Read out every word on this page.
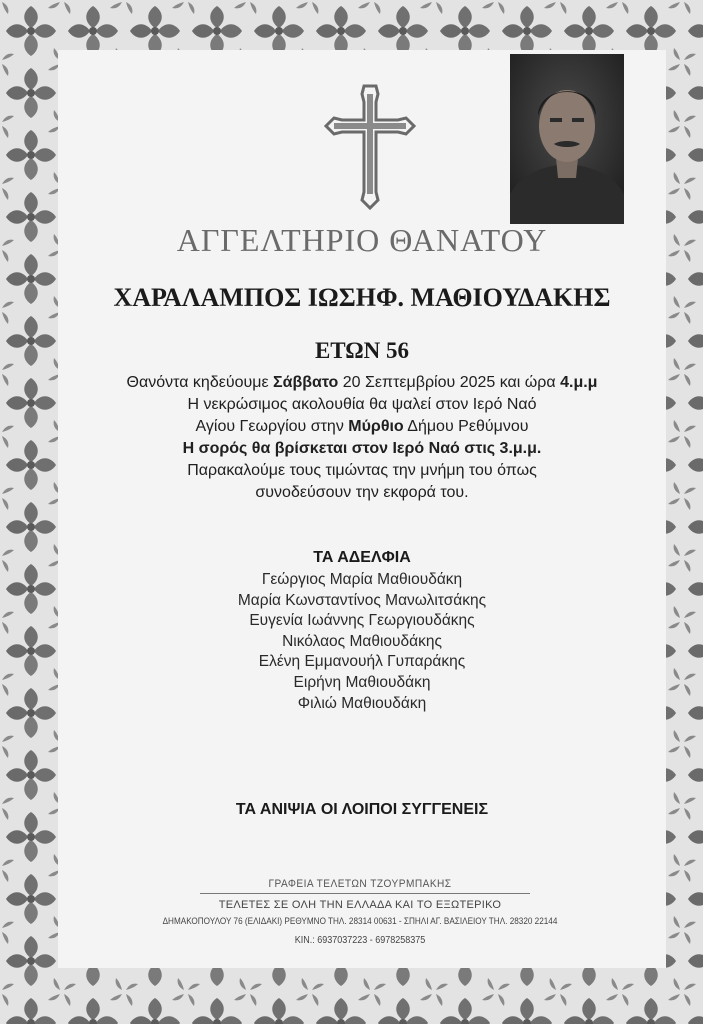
ΑΓΓΕΛΤΗΡΙΟ ΘΑΝΑΤΟΥ
ΧΑΡΑΛΑΜΠΟΣ ΙΩΣΗΦ. ΜΑΘΙΟΥΔΑΚΗΣ
ΕΤΩΝ 56
Θανόντα κηδεύουμε Σάββατο 20 Σεπτεμβρίου 2025 και ώρα 4.μ.μ
Η νεκρώσιμος ακολουθία θα ψαλεί στον Ιερό Ναό
Αγίου Γεωργίου στην Μύρθιο Δήμου Ρεθύμνου
Η σορός θα βρίσκεται στον Ιερό Ναό στις 3.μ.μ.
Παρακαλούμε τους τιμώντας την μνήμη του όπως
συνοδεύσουν την εκφορά του.
ΤΑ ΑΔΕΛΦΙΑ
Γεώργιος Μαρία Μαθιουδάκη
Μαρία Κωνσταντίνος Μανωλιτσάκης
Ευγενία Ιωάννης Γεωργιουδάκης
Νικόλαος Μαθιουδάκης
Ελένη Εμμανουήλ Γυπαράκης
Ειρήνη Μαθιουδάκη
Φιλιώ Μαθιουδάκη
ΤΑ ΑΝΙΨΙΑ ΟΙ ΛΟΙΠΟΙ ΣΥΓΓΕΝΕΙΣ
ΓΡΑΦΕΙΑ ΤΕΛΕΤΩΝ ΤΖΟΥΡΜΠΑΚΗΣ
ΤΕΛΕΤΕΣ ΣΕ ΟΛΗ ΤΗΝ ΕΛΛΑΔΑ ΚΑΙ ΤΟ ΕΞΩΤΕΡΙΚΟ
ΔΗΜΑΚΟΠΟΥΛΟΥ 76 (ΕΛΙΔΑΚΙ) ΡΕΘΥΜΝΟ ΤΗΛ. 28314 00631 - ΣΠΗΛΙ ΑΓ. ΒΑΣΙΛΕΙΟΥ ΤΗΛ. 28320 22144
ΚΙΝ.: 6937037223 - 6978258375
